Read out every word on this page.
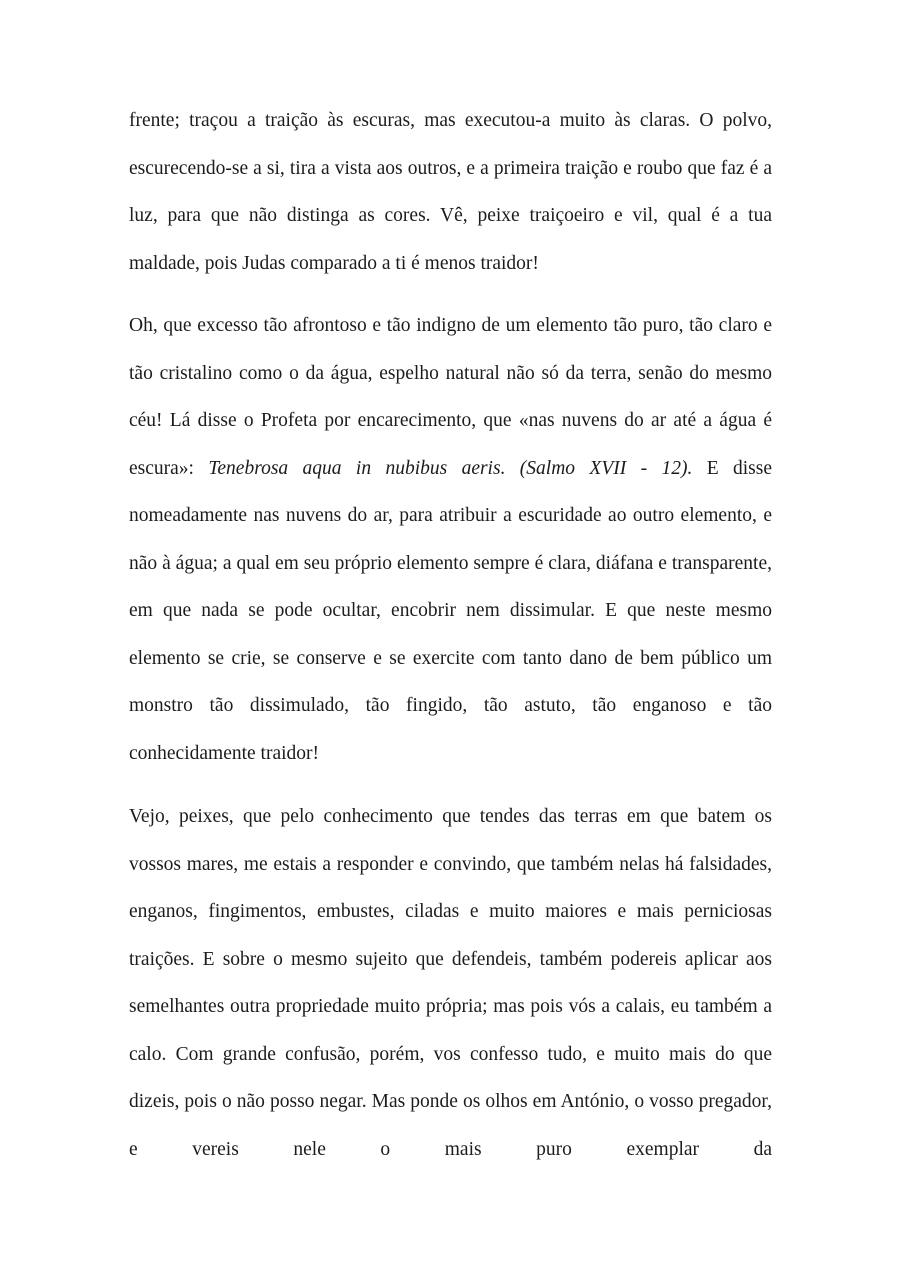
frente; traçou a traição às escuras, mas executou-a muito às claras. O polvo, escurecendo-se a si, tira a vista aos outros, e a primeira traição e roubo que faz é a luz, para que não distinga as cores. Vê, peixe traiçoeiro e vil, qual é a tua maldade, pois Judas comparado a ti é menos traidor!

Oh, que excesso tão afrontoso e tão indigno de um elemento tão puro, tão claro e tão cristalino como o da água, espelho natural não só da terra, senão do mesmo céu! Lá disse o Profeta por encarecimento, que «nas nuvens do ar até a água é escura»: Tenebrosa aqua in nubibus aeris. (Salmo XVII - 12). E disse nomeadamente nas nuvens do ar, para atribuir a escuridade ao outro elemento, e não à água; a qual em seu próprio elemento sempre é clara, diáfana e transparente, em que nada se pode ocultar, encobrir nem dissimular. E que neste mesmo elemento se crie, se conserve e se exercite com tanto dano de bem público um monstro tão dissimulado, tão fingido, tão astuto, tão enganoso e tão conhecidamente traidor!

Vejo, peixes, que pelo conhecimento que tendes das terras em que batem os vossos mares, me estais a responder e convindo, que também nelas há falsidades, enganos, fingimentos, embustes, ciladas e muito maiores e mais perniciosas traições. E sobre o mesmo sujeito que defendeis, também podereis aplicar aos semelhantes outra propriedade muito própria; mas pois vós a calais, eu também a calo. Com grande confusão, porém, vos confesso tudo, e muito mais do que dizeis, pois o não posso negar. Mas ponde os olhos em António, o vosso pregador, e vereis nele o mais puro exemplar da
